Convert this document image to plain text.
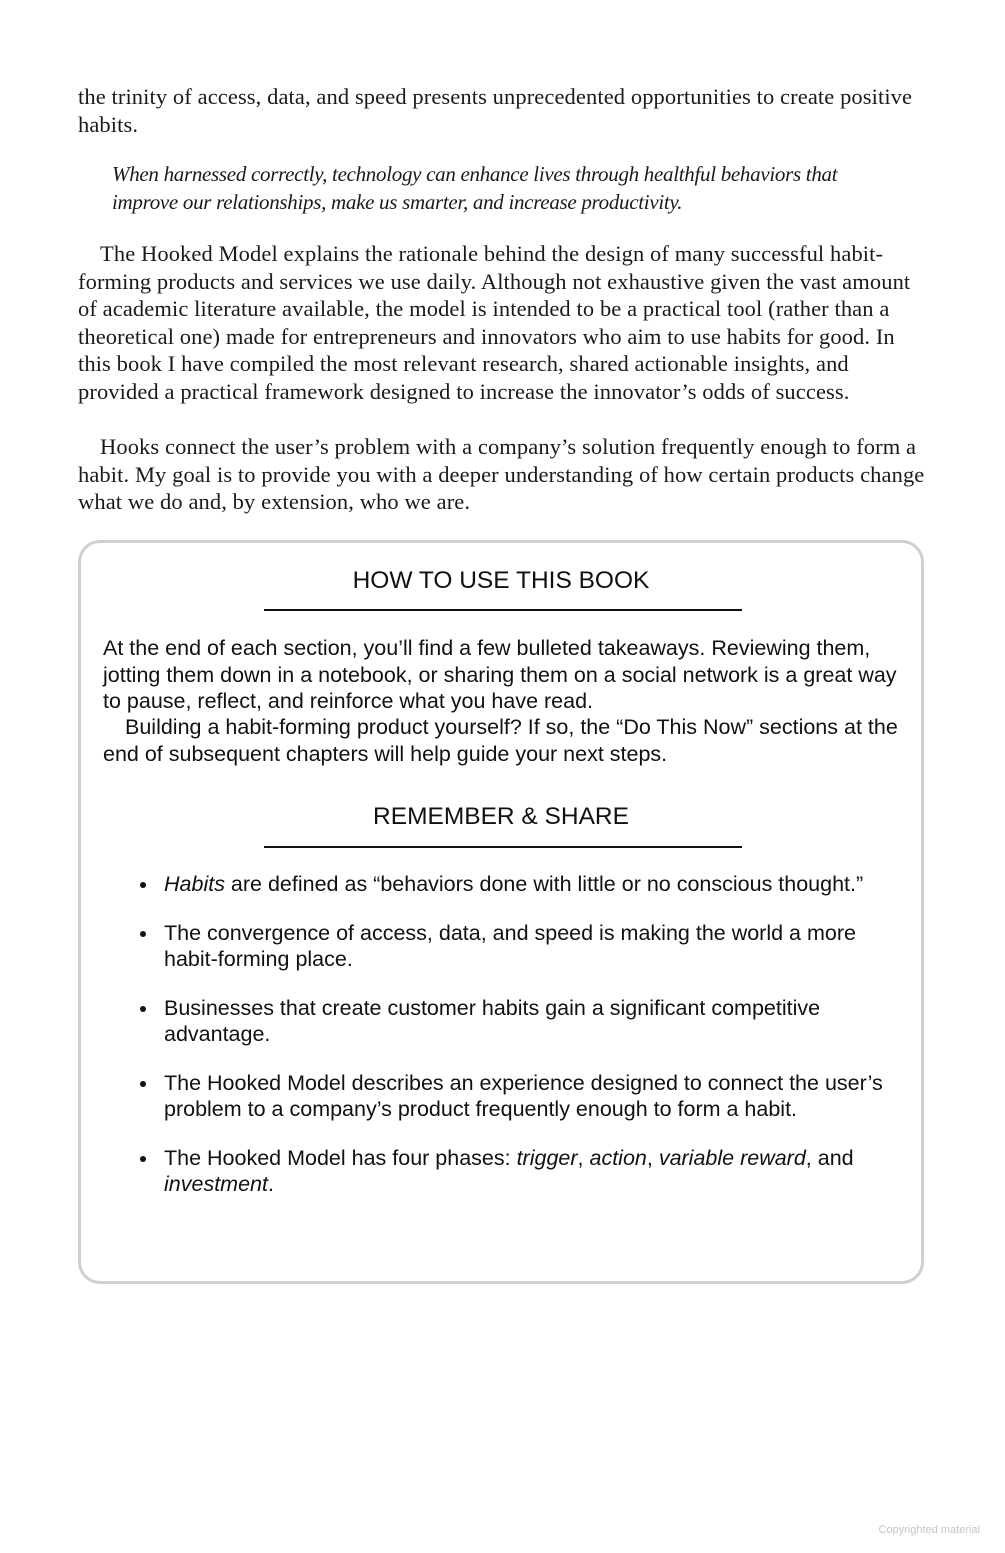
the trinity of access, data, and speed presents unprecedented opportunities to create positive habits.

When harnessed correctly, technology can enhance lives through healthful behaviors that improve our relationships, make us smarter, and increase productivity.

The Hooked Model explains the rationale behind the design of many successful habit-forming products and services we use daily. Although not exhaustive given the vast amount of academic literature available, the model is intended to be a practical tool (rather than a theoretical one) made for entrepreneurs and innovators who aim to use habits for good. In this book I have compiled the most relevant research, shared actionable insights, and provided a practical framework designed to increase the innovator’s odds of success.

Hooks connect the user’s problem with a company’s solution frequently enough to form a habit. My goal is to provide you with a deeper understanding of how certain products change what we do and, by extension, who we are.

HOW TO USE THIS BOOK

At the end of each section, you’ll find a few bulleted takeaways. Reviewing them, jotting them down in a notebook, or sharing them on a social network is a great way to pause, reflect, and reinforce what you have read.

Building a habit-forming product yourself? If so, the “Do This Now” sections at the end of subsequent chapters will help guide your next steps.

REMEMBER & SHARE
Habits are defined as “behaviors done with little or no conscious thought.”
The convergence of access, data, and speed is making the world a more habit-forming place.
Businesses that create customer habits gain a significant competitive advantage.
The Hooked Model describes an experience designed to connect the user’s problem to a company’s product frequently enough to form a habit.
The Hooked Model has four phases: trigger, action, variable reward, and investment.
Copyrighted material
